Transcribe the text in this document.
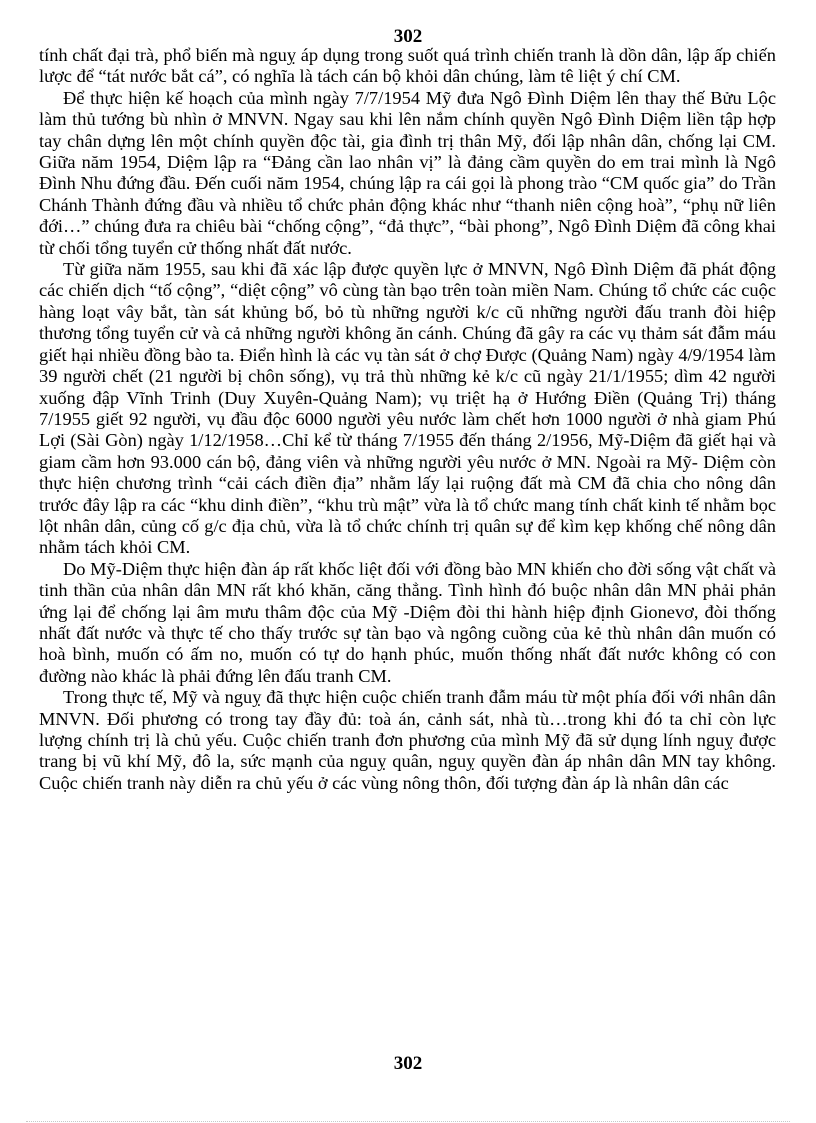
302

tính chất đại trà, phổ biến mà nguỵ áp dụng trong suốt quá trình chiến tranh là dồn dân, lập ấp chiến lược để “tát nước bắt cá”, có nghĩa là tách cán bộ khỏi dân chúng, làm tê liệt ý chí CM.

Để thực hiện kế hoạch của mình ngày 7/7/1954 Mỹ đưa Ngô Đình Diệm lên thay thế Bửu Lộc làm thủ tướng bù nhìn ở MNVN. Ngay sau khi lên nắm chính quyền Ngô Đình Diệm liền tập hợp tay chân dựng lên một chính quyền độc tài, gia đình trị thân Mỹ, đối lập nhân dân, chống lại CM. Giữa năm 1954, Diệm lập ra “Đảng cần lao nhân vị” là đảng cầm quyền do em trai mình là Ngô Đình Nhu đứng đầu. Đến cuối năm 1954, chúng lập ra cái gọi là phong trào “CM quốc gia” do Trần Chánh Thành đứng đầu và nhiều tổ chức phản động khác như “thanh niên cộng hoà”, “phụ nữ liên đới…” chúng đưa ra chiêu bài “chống cộng”, “đả thực”, “bài phong”, Ngô Đình Diệm đã công khai từ chối tổng tuyển cử thống nhất đất nước.

Từ giữa năm 1955, sau khi đã xác lập được quyền lực ở MNVN, Ngô Đình Diệm đã phát động các chiến dịch “tố cộng”, “diệt cộng” vô cùng tàn bạo trên toàn miền Nam. Chúng tổ chức các cuộc hàng loạt vây bắt, tàn sát khủng bố, bỏ tù những người k/c cũ những người đấu tranh đòi hiệp thương tổng tuyển cử và cả những người không ăn cánh. Chúng đã gây ra các vụ thảm sát đẫm máu giết hại nhiều đồng bào ta. Điển hình là các vụ tàn sát ở chợ Được (Quảng Nam) ngày 4/9/1954 làm 39 người chết (21 người bị chôn sống), vụ trả thù những kẻ k/c cũ ngày 21/1/1955; dìm 42 người xuống đập Vĩnh Trinh (Duy Xuyên-Quảng Nam); vụ triệt hạ ở Hướng Điền (Quảng Trị) tháng 7/1955 giết 92 người, vụ đầu độc 6000 người yêu nước làm chết hơn 1000 người ở nhà giam Phú Lợi (Sài Gòn) ngày 1/12/1958…Chỉ kể từ tháng 7/1955 đến tháng 2/1956, Mỹ-Diệm đã giết hại và giam cầm hơn 93.000 cán bộ, đảng viên và những người yêu nước ở MN. Ngoài ra Mỹ- Diệm còn thực hiện chương trình “cải cách điền địa” nhằm lấy lại ruộng đất mà CM đã chia cho nông dân trước đây lập ra các “khu dinh điền”, “khu trù mật” vừa là tổ chức mang tính chất kinh tế nhằm bọc lột nhân dân, củng cố g/c địa chủ, vừa là tổ chức chính trị quân sự để kìm kẹp khống chế nông dân nhằm tách khỏi CM.

Do Mỹ-Diệm thực hiện đàn áp rất khốc liệt đối với đồng bào MN khiến cho đời sống vật chất và tinh thần của nhân dân MN rất khó khăn, căng thẳng. Tình hình đó buộc nhân dân MN phải phản ứng lại để chống lại âm mưu thâm độc của Mỹ -Diệm đòi thi hành hiệp định Gionevơ, đòi thống nhất đất nước và thực tế cho thấy trước sự tàn bạo và ngông cuồng của kẻ thù nhân dân muốn có hoà bình, muốn có ấm no, muốn có tự do hạnh phúc, muốn thống nhất đất nước không có con đường nào khác là phải đứng lên đấu tranh CM.

Trong thực tế, Mỹ và nguỵ đã thực hiện cuộc chiến tranh đẫm máu từ một phía đối với nhân dân MNVN. Đối phương có trong tay đầy đủ: toà án, cảnh sát, nhà tù…trong khi đó ta chỉ còn lực lượng chính trị là chủ yếu. Cuộc chiến tranh đơn phương của mình Mỹ đã sử dụng lính nguỵ được trang bị vũ khí Mỹ, đô la, sức mạnh của nguỵ quân, nguỵ quyền đàn áp nhân dân MN tay không. Cuộc chiến tranh này diễn ra chủ yếu ở các vùng nông thôn, đối tượng đàn áp là nhân dân các

302
